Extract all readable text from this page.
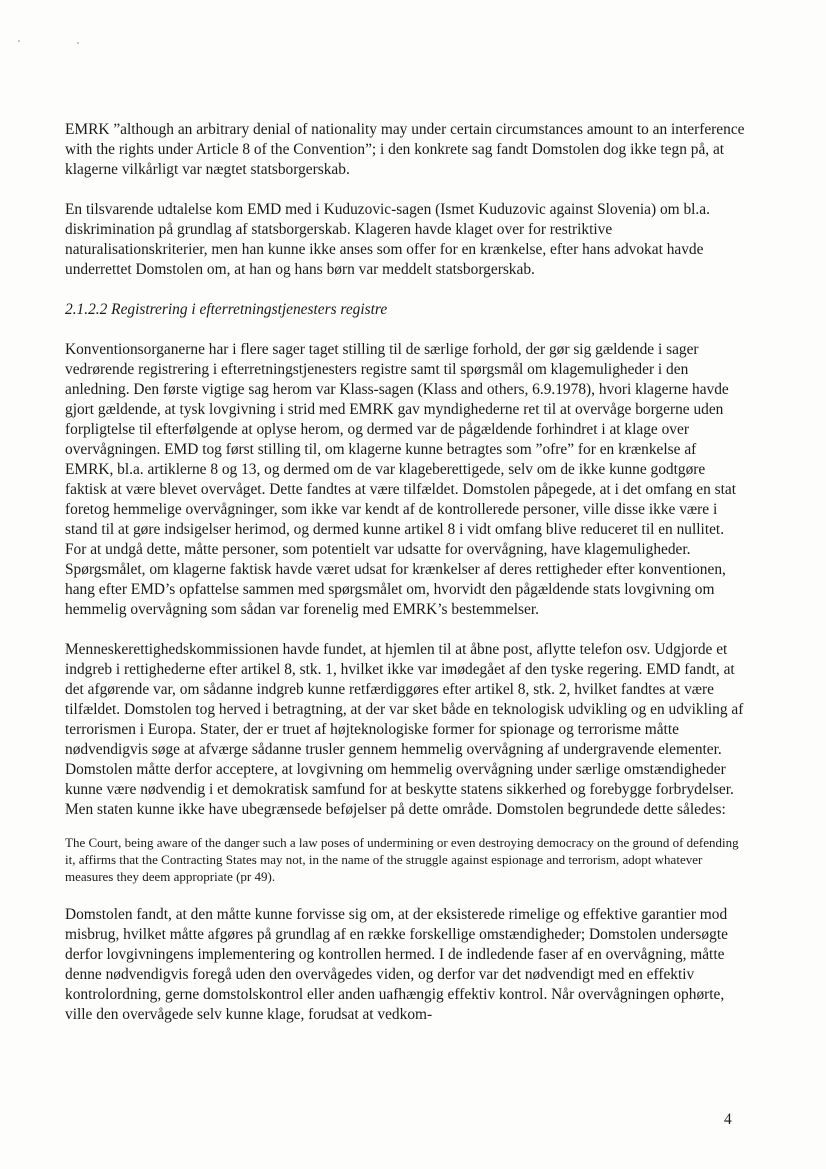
EMRK ”although an arbitrary denial of nationality may under certain circumstances amount to an interference with the rights under Article 8 of the Convention”; i den konkrete sag fandt Domstolen dog ikke tegn på, at klagerne vilkårligt var nægtet statsborgerskab.

En tilsvarende udtalelse kom EMD med i Kuduzovic-sagen (Ismet Kuduzovic against Slovenia) om bl.a. diskrimination på grundlag af statsborgerskab. Klageren havde klaget over for restriktive naturalisationskriterier, men han kunne ikke anses som offer for en krænkelse, efter hans advokat havde underrettet Domstolen om, at han og hans børn var meddelt statsborgerskab.

2.1.2.2 Registrering i efterretningstjenesters registre

Konventionsorganerne har i flere sager taget stilling til de særlige forhold, der gør sig gældende i sager vedrørende registrering i efterretningstjenesters registre samt til spørgsmål om klagemuligheder i den anledning. Den første vigtige sag herom var Klass-sagen (Klass and others, 6.9.1978), hvori klagerne havde gjort gældende, at tysk lovgivning i strid med EMRK gav myndighederne ret til at overvåge borgerne uden forpligtelse til efterfølgende at oplyse herom, og dermed var de pågældende forhindret i at klage over overvågningen. EMD tog først stilling til, om klagerne kunne betragtes som ”ofre” for en krænkelse af EMRK, bl.a. artiklerne 8 og 13, og dermed om de var klageberettigede, selv om de ikke kunne godtgøre faktisk at være blevet overvåget. Dette fandtes at være tilfældet. Domstolen påpegede, at i det omfang en stat foretog hemmelige overvågninger, som ikke var kendt af de kontrollerede personer, ville disse ikke være i stand til at gøre indsigelser herimod, og dermed kunne artikel 8 i vidt omfang blive reduceret til en nullitet. For at undgå dette, måtte personer, som potentielt var udsatte for overvågning, have klagemuligheder. Spørgsmålet, om klagerne faktisk havde været udsat for krænkelser af deres rettigheder efter konventionen, hang efter EMD’s opfattelse sammen med spørgsmålet om, hvorvidt den pågældende stats lovgivning om hemmelig overvågning som sådan var forenelig med EMRK’s bestemmelser.

Menneskerettighedskommissionen havde fundet, at hjemlen til at åbne post, aflytte telefon osv. Udgjorde et indgreb i rettighederne efter artikel 8, stk. 1, hvilket ikke var imødegået af den tyske regering. EMD fandt, at det afgørende var, om sådanne indgreb kunne retfærdiggøres efter artikel 8, stk. 2, hvilket fandtes at være tilfældet. Domstolen tog herved i betragtning, at der var sket både en teknologisk udvikling og en udvikling af terrorismen i Europa. Stater, der er truet af højteknologiske former for spionage og terrorisme måtte nødvendigvis søge at afværge sådanne trusler gennem hemmelig overvågning af undergravende elementer. Domstolen måtte derfor acceptere, at lovgivning om hemmelig overvågning under særlige omstændigheder kunne være nødvendig i et demokratisk samfund for at beskytte statens sikkerhed og forebygge forbrydelser. Men staten kunne ikke have ubegrænsede beføjelser på dette område. Domstolen begrundede dette således:

The Court, being aware of the danger such a law poses of undermining or even destroying democracy on the ground of defending it, affirms that the Contracting States may not, in the name of the struggle against espionage and terrorism, adopt whatever measures they deem appropriate (pr 49).

Domstolen fandt, at den måtte kunne forvisse sig om, at der eksisterede rimelige og effektive garantier mod misbrug, hvilket måtte afgøres på grundlag af en række forskellige omstændigheder; Domstolen undersøgte derfor lovgivningens implementering og kontrollen hermed. I de indledende faser af en overvågning, måtte denne nødvendigvis foregå uden den overvågedes viden, og derfor var det nødvendigt med en effektiv kontrolordning, gerne domstolskontrol eller anden uafhængig effektiv kontrol. Når overvågningen ophørte, ville den overvågede selv kunne klage, forudsat at vedkom-

4
